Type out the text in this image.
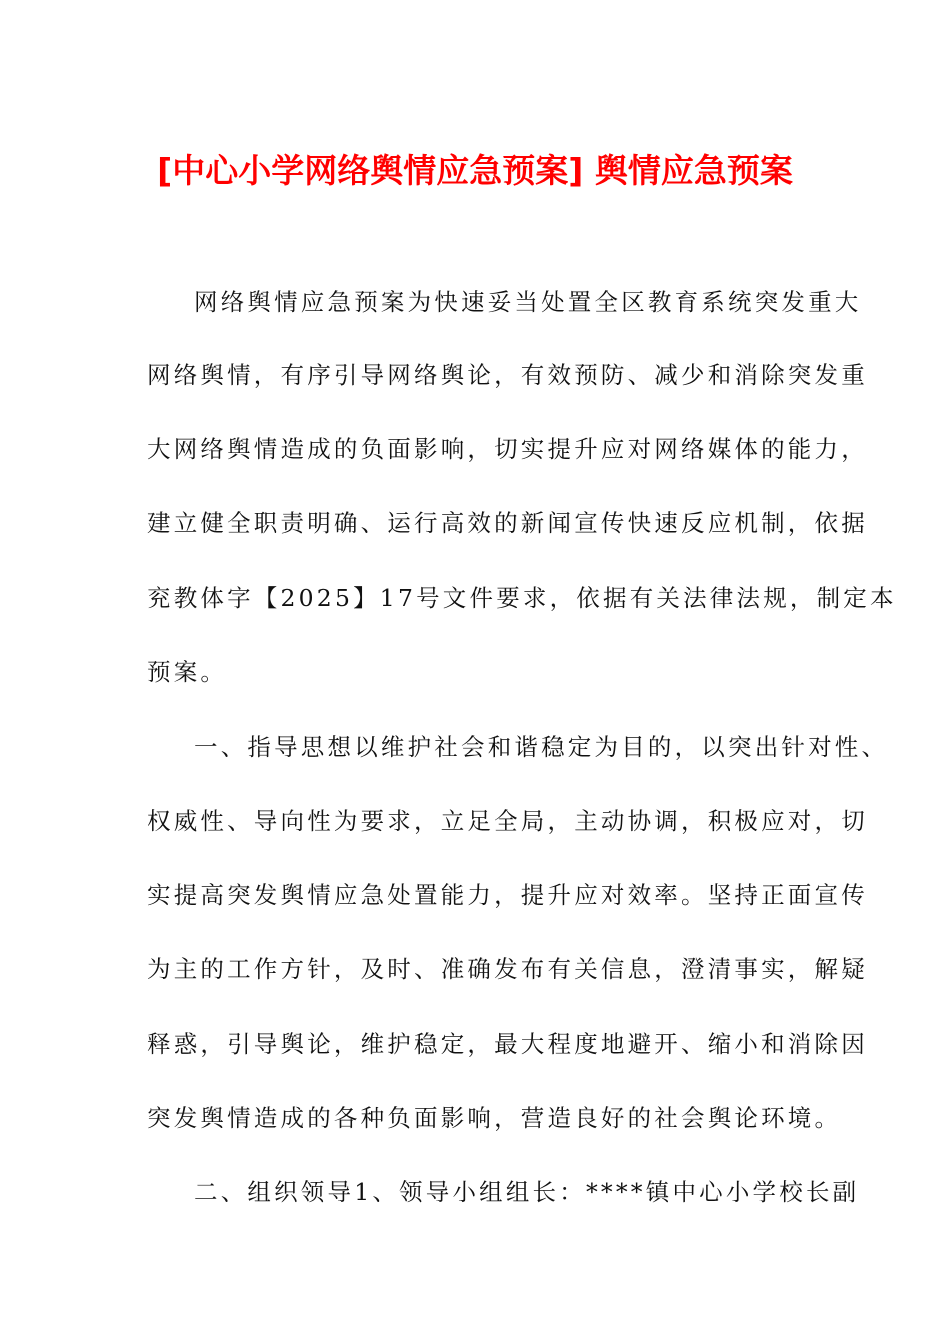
[中心小学网络舆情应急预案] 舆情应急预案
网络舆情应急预案为快速妥当处置全区教育系统突发重大
网络舆情，有序引导网络舆论，有效预防、减少和消除突发重
大网络舆情造成的负面影响，切实提升应对网络媒体的能力，
建立健全职责明确、运行高效的新闻宣传快速反应机制，依据
兖教体字【2025】17号文件要求，依据有关法律法规，制定本
预案。
一、指导思想以维护社会和谐稳定为目的，以突出针对性、
权威性、导向性为要求，立足全局，主动协调，积极应对，切
实提高突发舆情应急处置能力，提升应对效率。坚持正面宣传
为主的工作方针，及时、准确发布有关信息，澄清事实，解疑
释惑，引导舆论，维护稳定，最大程度地避开、缩小和消除因
突发舆情造成的各种负面影响，营造良好的社会舆论环境。
二、组织领导1、领导小组组长：****镇中心小学校长副
